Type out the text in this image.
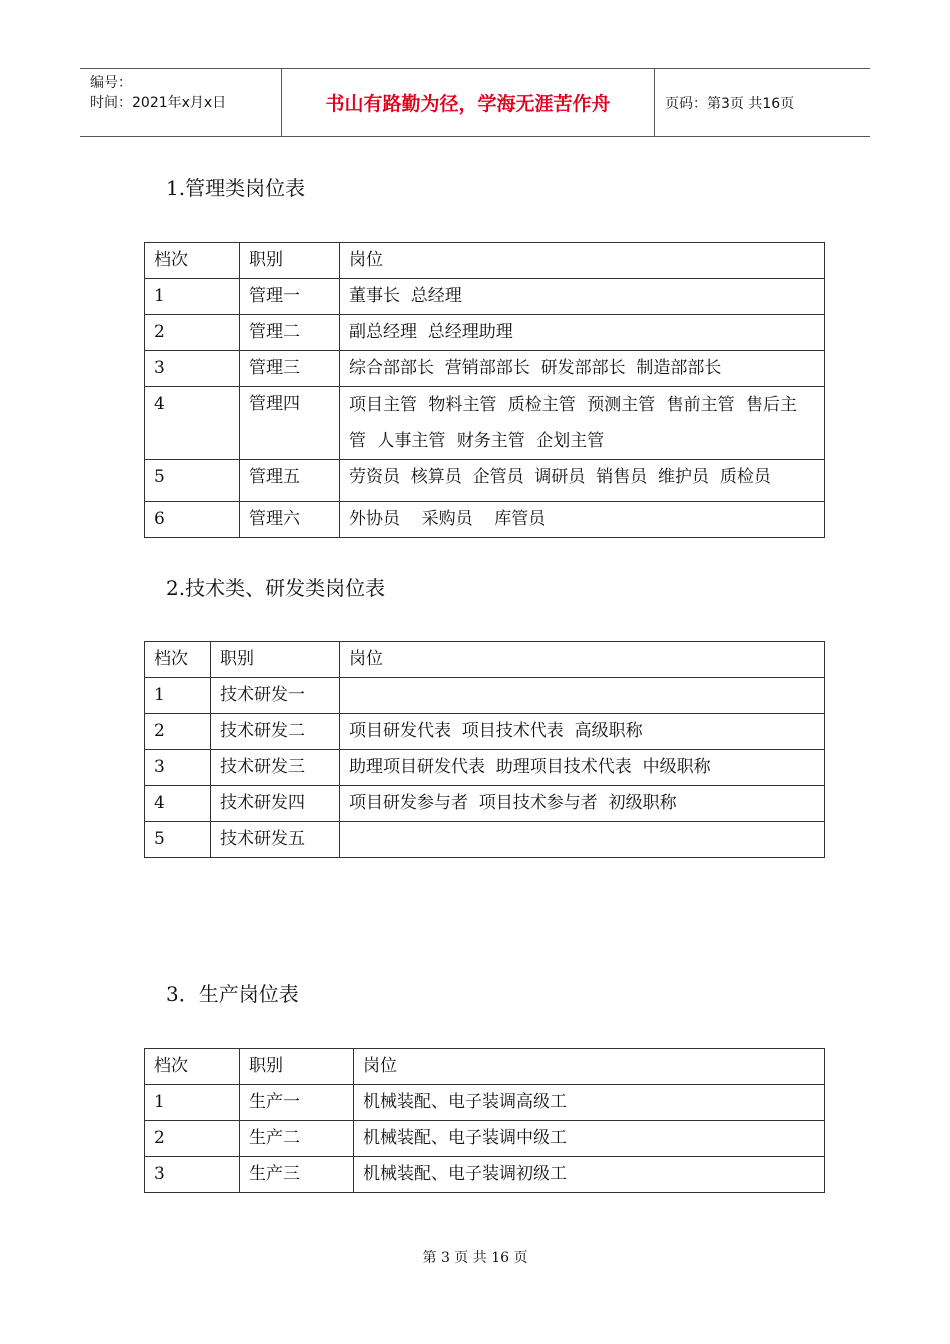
编号：
时间：2021年x月x日	书山有路勤为径，学海无涯苦作舟	页码：第3页 共16页
1.管理类岗位表
档次	职别	岗位
1	管理一	董事长  总经理
2	管理二	副总经理  总经理助理
3	管理三	综合部部长  营销部部长  研发部部长  制造部部长
4	管理四	项目主管 物料主管 质检主管 预测主管 售前主管 售后主管 人事主管 财务主管 企划主管
5	管理五	劳资员  核算员  企管员  调研员  销售员  维护员  质检员
6	管理六	外协员    采购员    库管员
2.技术类、研发类岗位表
档次	职别	岗位
1	技术研发一	
2	技术研发二	项目研发代表  项目技术代表  高级职称
3	技术研发三	助理项目研发代表  助理项目技术代表  中级职称
4	技术研发四	项目研发参与者  项目技术参与者  初级职称
5	技术研发五	
3．生产岗位表
档次	职别	岗位
1	生产一	机械装配、电子装调高级工
2	生产二	机械装配、电子装调中级工
3	生产三	机械装配、电子装调初级工
第 3 页 共 16 页
